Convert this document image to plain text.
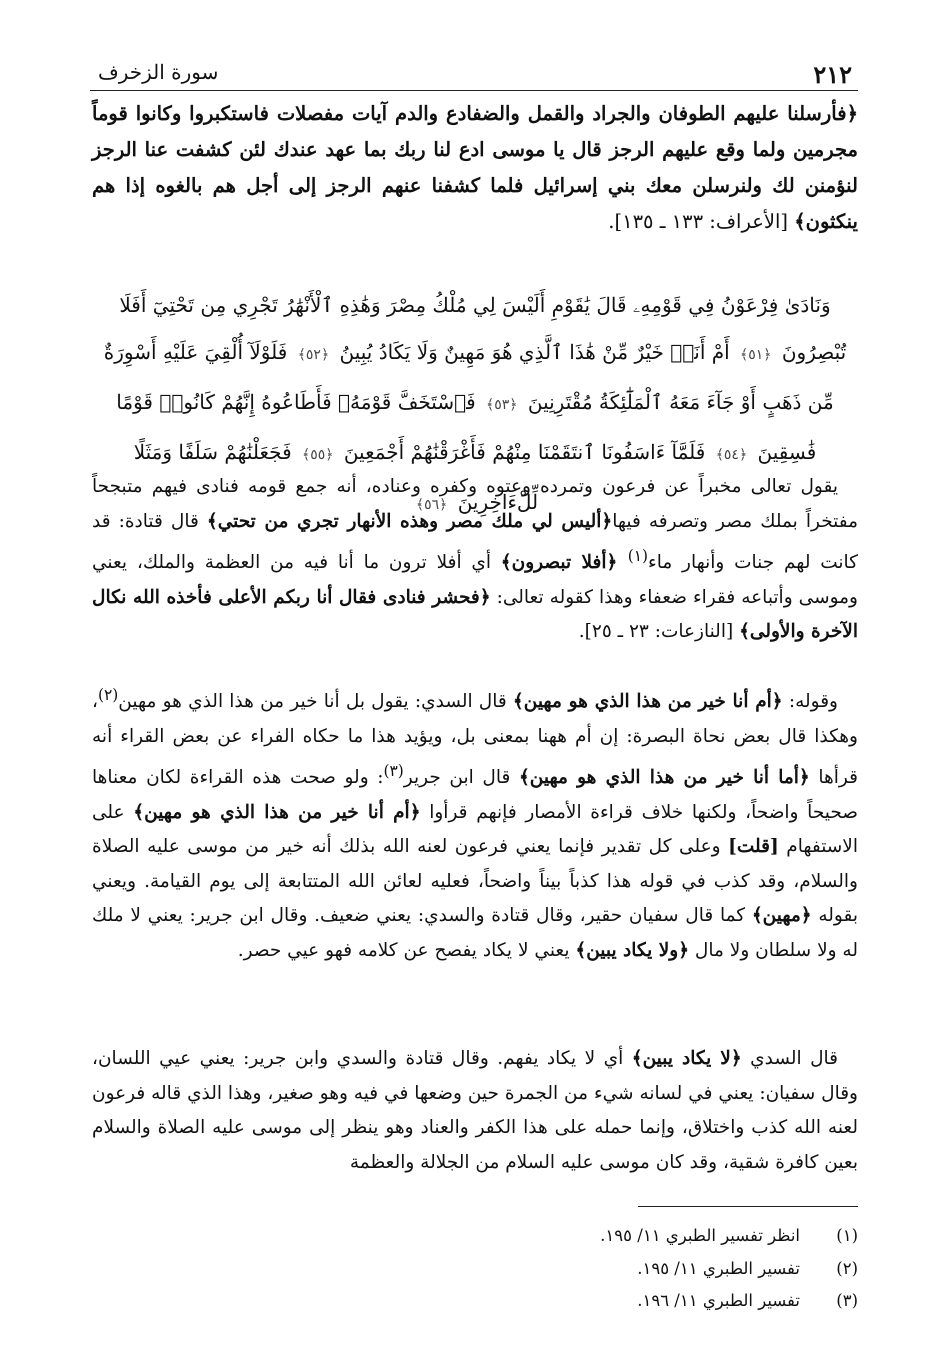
٢١٢
سورة الزخرف

﴿فأرسلنا عليهم الطوفان والجراد والقمل والضفادع والدم آيات مفصلات فاستكبروا وكانوا قوماً مجرمين ولما وقع عليهم الرجز قال يا موسى ادع لنا ربك بما عهد عندك لئن كشفت عنا الرجز لنؤمنن لك ولنرسلن معك بني إسرائيل فلما كشفنا عنهم الرجز إلى أجل هم بالغوه إذا هم ينكثون﴾ [الأعراف: ١٣٣ ـ ١٣٥].

وَنَادَىٰ فِرْعَوْنُ فِي قَوْمِهِۦ قَالَ يَٰقَوْمِ أَلَيْسَ لِي مُلْكُ مِصْرَ وَهَٰذِهِ ٱلْأَنْهَٰرُ تَجْرِي مِن تَحْتِيٓ أَفَلَا تُبْصِرُونَ ﴿٥١﴾ أَمْ أَنَا۠ خَيْرٌ مِّنْ هَٰذَا ٱلَّذِي هُوَ مَهِينٌ وَلَا يَكَادُ يُبِينُ ﴿٥٢﴾ فَلَوْلَآ أُلْقِيَ عَلَيْهِ أَسْوِرَةٌ مِّن ذَهَبٍ أَوْ جَآءَ مَعَهُ ٱلْمَلَٰٓئِكَةُ مُقْتَرِنِينَ ﴿٥٣﴾ فَٱسْتَخَفَّ قَوْمَهُۥ فَأَطَاعُوهُ إِنَّهُمْ كَانُوا۟ قَوْمًا فَٰسِقِينَ ﴿٥٤﴾ فَلَمَّآ ءَاسَفُونَا ٱنتَقَمْنَا مِنْهُمْ فَأَغْرَقْنَٰهُمْ أَجْمَعِينَ ﴿٥٥﴾ فَجَعَلْنَٰهُمْ سَلَفًا وَمَثَلًا لِّلْءَاخِرِينَ ﴿٥٦﴾

يقول تعالى مخبراً عن فرعون وتمرده وعتوه وكفره وعناده، أنه جمع قومه فنادى فيهم متبجحاً مفتخراً بملك مصر وتصرفه فيها﴿أليس لي ملك مصر وهذه الأنهار تجري من تحتي﴾ قال قتادة: قد كانت لهم جنات وأنهار ماء$^{(١)}$ ﴿أفلا تبصرون﴾ أي أفلا ترون ما أنا فيه من العظمة والملك، يعني وموسى وأتباعه فقراء ضعفاء وهذا كقوله تعالى: ﴿فحشر فنادى فقال أنا ربكم الأعلى فأخذه الله نكال الآخرة والأولى﴾ [النازعات: ٢٣ ـ ٢٥].

وقوله: ﴿أم أنا خير من هذا الذي هو مهين﴾ قال السدي: يقول بل أنا خير من هذا الذي هو مهين$^{(٢)}$، وهكذا قال بعض نحاة البصرة: إن أم ههنا بمعنى بل، ويؤيد هذا ما حكاه الفراء عن بعض القراء أنه قرأها ﴿أما أنا خير من هذا الذي هو مهين﴾ قال ابن جرير$^{(٣)}$: ولو صحت هذه القراءة لكان معناها صحيحاً واضحاً، ولكنها خلاف قراءة الأمصار فإنهم قرأوا ﴿أم أنا خير من هذا الذي هو مهين﴾ على الاستفهام [قلت] وعلى كل تقدير فإنما يعني فرعون لعنه الله بذلك أنه خير من موسى عليه الصلاة والسلام، وقد كذب في قوله هذا كذباً بيناً واضحاً، فعليه لعائن الله المتتابعة إلى يوم القيامة. ويعني بقوله ﴿مهين﴾ كما قال سفيان حقير، وقال قتادة والسدي: يعني ضعيف. وقال ابن جرير: يعني لا ملك له ولا سلطان ولا مال ﴿ولا يكاد يبين﴾ يعني لا يكاد يفصح عن كلامه فهو عيي حصر.

قال السدي ﴿لا يكاد يبين﴾ أي لا يكاد يفهم. وقال قتادة والسدي وابن جرير: يعني عيي اللسان، وقال سفيان: يعني في لسانه شيء من الجمرة حين وضعها في فيه وهو صغير، وهذا الذي قاله فرعون لعنه الله كذب واختلاق، وإنما حمله على هذا الكفر والعناد وهو ينظر إلى موسى عليه الصلاة والسلام بعين كافرة شقية، وقد كان موسى عليه السلام من الجلالة والعظمة

(١)انظر تفسير الطبري ١١/ ١٩٥.
(٢)تفسير الطبري ١١/ ١٩٥.
(٣)تفسير الطبري ١١/ ١٩٦.
